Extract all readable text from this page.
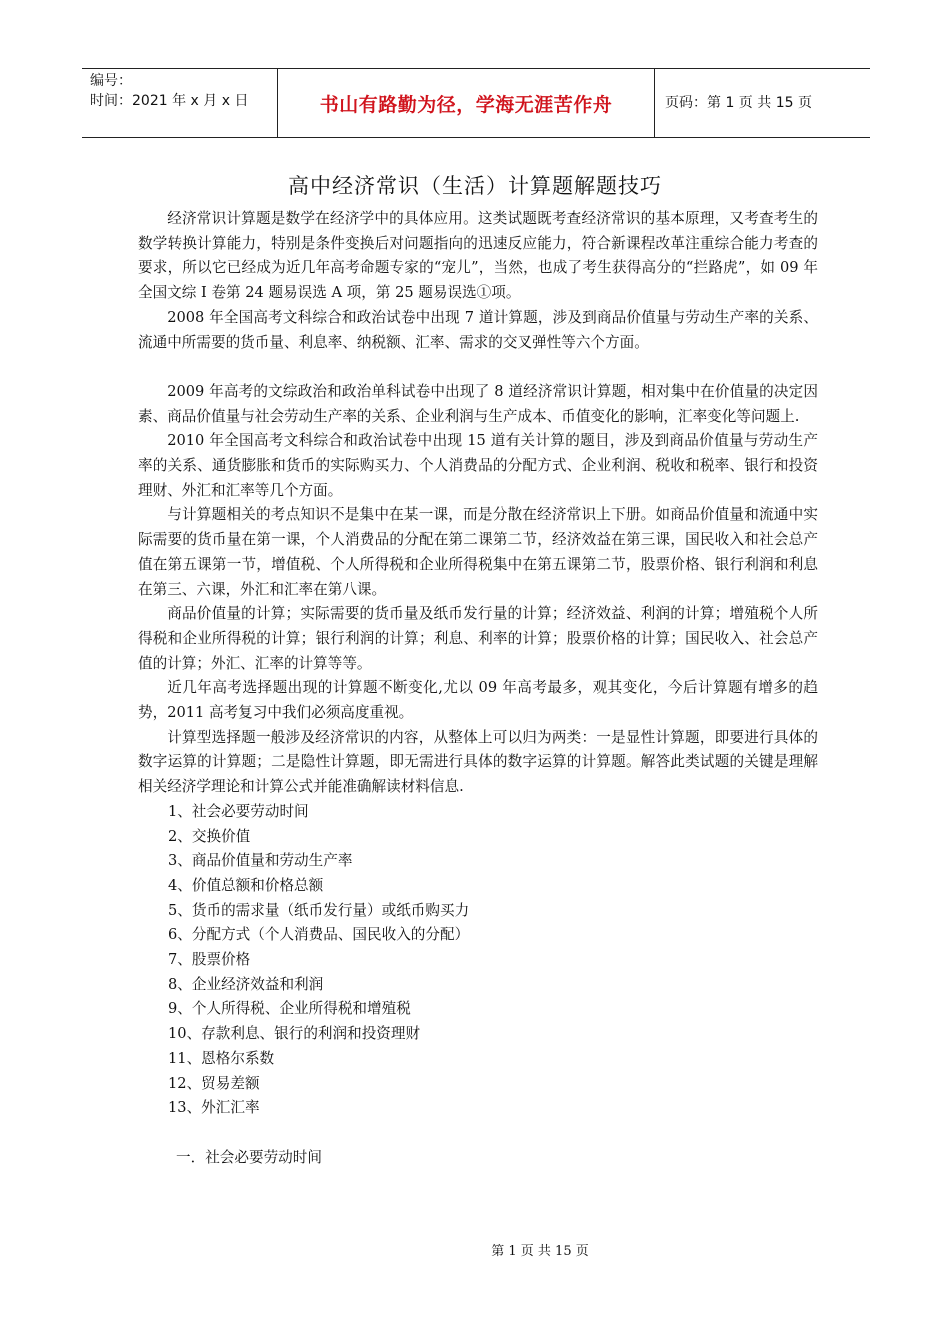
编号：
时间：2021 年 x 月 x 日	书山有路勤为径，学海无涯苦作舟	页码：第 1 页 共 15 页
高中经济常识（生活）计算题解题技巧

经济常识计算题是数学在经济学中的具体应用。这类试题既考查经济常识的基本原理，又考查考生的数学转换计算能力，特别是条件变换后对问题指向的迅速反应能力，符合新课程改革注重综合能力考查的要求，所以它已经成为近几年高考命题专家的“宠儿”，当然，也成了考生获得高分的“拦路虎”，如 09 年全国文综 I 卷第 24 题易误选 A 项，第 25 题易误选①项。

2008 年全国高考文科综合和政治试卷中出现 7 道计算题，涉及到商品价值量与劳动生产率的关系、流通中所需要的货币量、利息率、纳税额、汇率、需求的交叉弹性等六个方面。

2009 年高考的文综政治和政治单科试卷中出现了 8 道经济常识计算题，相对集中在价值量的决定因素、商品价值量与社会劳动生产率的关系、企业利润与生产成本、币值变化的影响，汇率变化等问题上.

2010 年全国高考文科综合和政治试卷中出现 15 道有关计算的题目，涉及到商品价值量与劳动生产率的关系、通货膨胀和货币的实际购买力、个人消费品的分配方式、企业利润、税收和税率、银行和投资理财、外汇和汇率等几个方面。

与计算题相关的考点知识不是集中在某一课，而是分散在经济常识上下册。如商品价值量和流通中实际需要的货币量在第一课，个人消费品的分配在第二课第二节，经济效益在第三课，国民收入和社会总产值在第五课第一节，增值税、个人所得税和企业所得税集中在第五课第二节，股票价格、银行利润和利息在第三、六课，外汇和汇率在第八课。

商品价值量的计算；实际需要的货币量及纸币发行量的计算；经济效益、利润的计算；增殖税个人所得税和企业所得税的计算；银行利润的计算；利息、利率的计算；股票价格的计算；国民收入、社会总产值的计算；外汇、汇率的计算等等。

近几年高考选择题出现的计算题不断变化,尤以 09 年高考最多，观其变化，今后计算题有增多的趋势，2011 高考复习中我们必须高度重视。

计算型选择题一般涉及经济常识的内容，从整体上可以归为两类：一是显性计算题，即要进行具体的数字运算的计算题；二是隐性计算题，即无需进行具体的数字运算的计算题。解答此类试题的关键是理解相关经济学理论和计算公式并能准确解读材料信息.

1、社会必要劳动时间

2、交换价值

3、商品价值量和劳动生产率

4、价值总额和价格总额

5、货币的需求量（纸币发行量）或纸币购买力

6、分配方式（个人消费品、国民收入的分配）

7、股票价格

8、企业经济效益和利润

9、个人所得税、企业所得税和增殖税

10、存款利息、银行的利润和投资理财

11、恩格尔系数

12、贸易差额

13、外汇汇率

一．社会必要劳动时间

第 1 页 共 15 页
